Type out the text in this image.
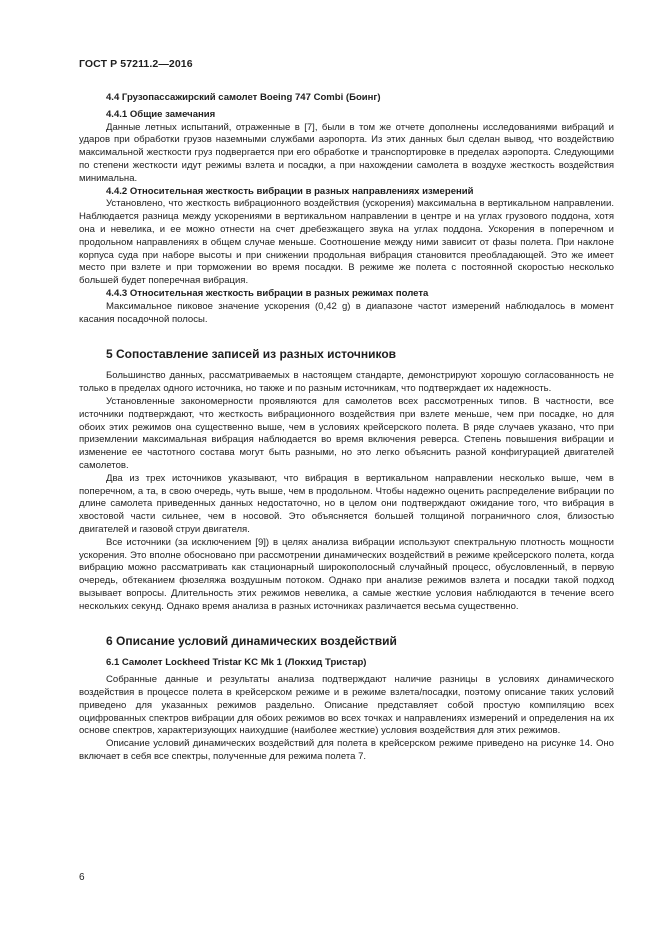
ГОСТ Р 57211.2—2016
4.4 Грузопассажирский самолет Boeing 747 Combi (Боинг)
4.4.1 Общие замечания

Данные летных испытаний, отраженные в [7], были в том же отчете дополнены исследованиями вибраций и ударов при обработки грузов наземными службами аэропорта. Из этих данных был сделан вывод, что воздействию максимальной жесткости груз подвергается при его обработке и транспортировке в пределах аэропорта. Следующими по степени жесткости идут режимы взлета и посадки, а при нахождении самолета в воздухе жесткость воздействия минимальна.

4.4.2 Относительная жесткость вибрации в разных направлениях измерений

Установлено, что жесткость вибрационного воздействия (ускорения) максимальна в вертикальном направлении. Наблюдается разница между ускорениями в вертикальном направлении в центре и на углах грузового поддона, хотя она и невелика, и ее можно отнести на счет дребезжащего звука на углах поддона. Ускорения в поперечном и продольном направлениях в общем случае меньше. Соотношение между ними зависит от фазы полета. При наклоне корпуса суда при наборе высоты и при снижении продольная вибрация становится преобладающей. Это же имеет место при взлете и при торможении во время посадки. В режиме же полета с постоянной скоростью несколько большей будет поперечная вибрация.

4.4.3 Относительная жесткость вибрации в разных режимах полета

Максимальное пиковое значение ускорения (0,42 g) в диапазоне частот измерений наблюдалось в момент касания посадочной полосы.

5 Сопоставление записей из разных источников

Большинство данных, рассматриваемых в настоящем стандарте, демонстрируют хорошую согласованность не только в пределах одного источника, но также и по разным источникам, что подтверждает их надежность.

Установленные закономерности проявляются для самолетов всех рассмотренных типов. В частности, все источники подтверждают, что жесткость вибрационного воздействия при взлете меньше, чем при посадке, но для обоих этих режимов она существенно выше, чем в условиях крейсерского полета. В ряде случаев указано, что при приземлении максимальная вибрация наблюдается во время включения реверса. Степень повышения вибрации и изменение ее частотного состава могут быть разными, но это легко объяснить разной конфигурацией двигателей самолетов.

Два из трех источников указывают, что вибрация в вертикальном направлении несколько выше, чем в поперечном, а та, в свою очередь, чуть выше, чем в продольном. Чтобы надежно оценить распределение вибрации по длине самолета приведенных данных недостаточно, но в целом они подтверждают ожидание того, что вибрация в хвостовой части сильнее, чем в носовой. Это объясняется большей толщиной пограничного слоя, близостью двигателей и газовой струи двигателя.

Все источники (за исключением [9]) в целях анализа вибрации используют спектральную плотность мощности ускорения. Это вполне обосновано при рассмотрении динамических воздействий в режиме крейсерского полета, когда вибрацию можно рассматривать как стационарный широкополосный случайный процесс, обусловленный, в первую очередь, обтеканием фюзеляжа воздушным потоком. Однако при анализе режимов взлета и посадки такой подход вызывает вопросы. Длительность этих режимов невелика, а самые жесткие условия наблюдаются в течение всего нескольких секунд. Однако время анализа в разных источниках различается весьма существенно.

6 Описание условий динамических воздействий
6.1 Самолет Lockheed Tristar KC Mk 1 (Локхид Тристар)

Собранные данные и результаты анализа подтверждают наличие разницы в условиях динамического воздействия в процессе полета в крейсерском режиме и в режиме взлета/посадки, поэтому описание таких условий приведено для указанных режимов раздельно. Описание представляет собой простую компиляцию всех оцифрованных спектров вибрации для обоих режимов во всех точках и направлениях измерений и определения на их основе спектров, характеризующих наихудшие (наиболее жесткие) условия воздействия для этих режимов.

Описание условий динамических воздействий для полета в крейсерском режиме приведено на рисунке 14. Оно включает в себя все спектры, полученные для режима полета 7.

6
